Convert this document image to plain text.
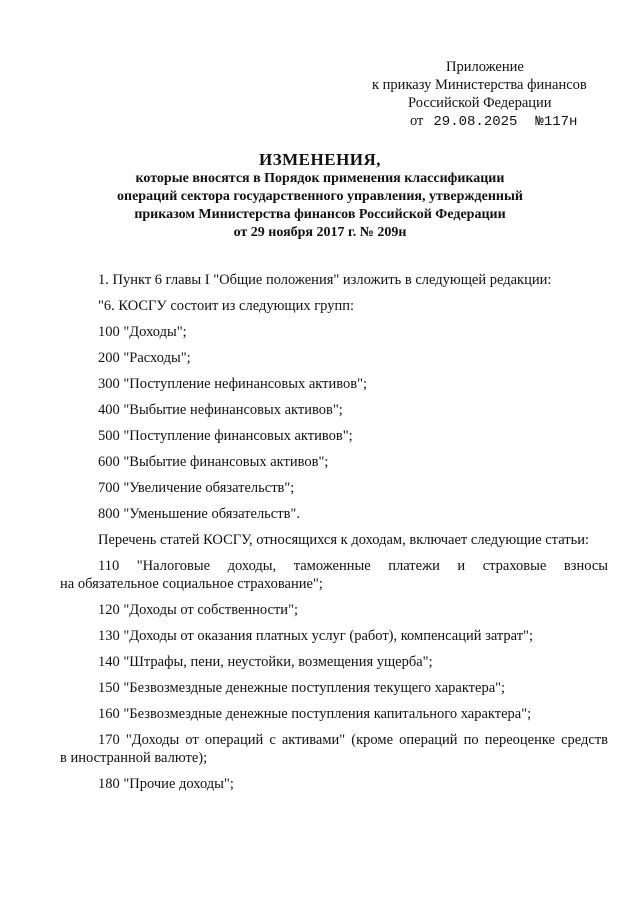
Приложение
к приказу Министерства финансов
Российской Федерации
от 29.08.2025 №117н
ИЗМЕНЕНИЯ,
которые вносятся в Порядок применения классификации
операций сектора государственного управления, утвержденный
приказом Министерства финансов Российской Федерации
от 29 ноября 2017 г. № 209н

1. Пункт 6 главы I "Общие положения" изложить в следующей редакции:

"6. КОСГУ состоит из следующих групп:

100 "Доходы";

200 "Расходы";

300 "Поступление нефинансовых активов";

400 "Выбытие нефинансовых активов";

500 "Поступление финансовых активов";

600 "Выбытие финансовых активов";

700 "Увеличение обязательств";

800 "Уменьшение обязательств".

Перечень статей КОСГУ, относящихся к доходам, включает следующие статьи:

110 "Налоговые доходы, таможенные платежи и страховые взносы

на обязательное социальное страхование";

120 "Доходы от собственности";

130 "Доходы от оказания платных услуг (работ), компенсаций затрат";

140 "Штрафы, пени, неустойки, возмещения ущерба";

150 "Безвозмездные денежные поступления текущего характера";

160 "Безвозмездные денежные поступления капитального характера";

170 "Доходы от операций с активами" (кроме операций по переоценке средств

в иностранной валюте);

180 "Прочие доходы";
